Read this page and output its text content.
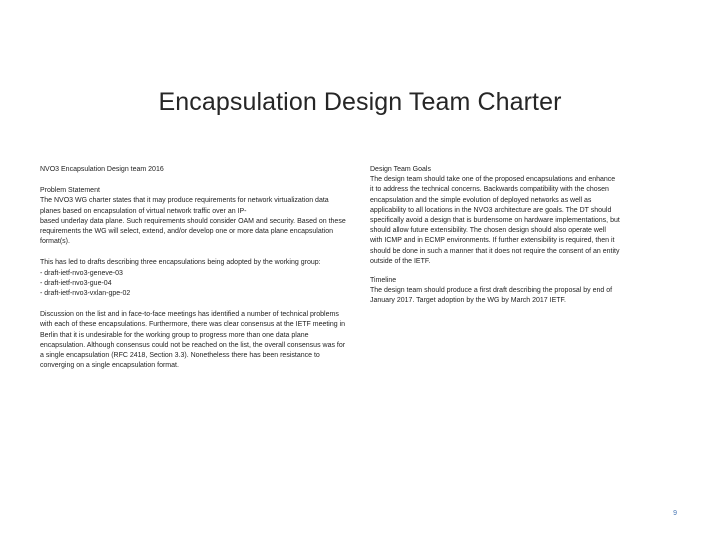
Encapsulation Design Team Charter

NVO3 Encapsulation Design team 2016

Problem Statement
The NVO3 WG charter states that it may produce requirements for network virtualization data planes based on encapsulation of virtual network traffic over an IP-
based underlay data plane. Such requirements should consider OAM and security. Based on these requirements the WG will select, extend, and/or develop one or more data plane encapsulation format(s).

This has led to drafts describing three encapsulations being adopted by the working group:

- draft-ietf-nvo3-geneve-03

- draft-ietf-nvo3-gue-04

- draft-ietf-nvo3-vxlan-gpe-02

Discussion on the list and in face-to-face meetings has identified a number of technical problems with each of these encapsulations. Furthermore, there was clear consensus at the IETF meeting in Berlin that it is undesirable for the working group to progress more than one data plane encapsulation. Although consensus could not be reached on the list, the overall consensus was for a single encapsulation (RFC 2418, Section 3.3). Nonetheless there has been resistance to converging on a single encapsulation format.

Design Team Goals
The design team should take one of the proposed encapsulations and enhance it to address the technical concerns. Backwards compatibility with the chosen encapsulation and the simple evolution of deployed networks as well as applicability to all locations in the NVO3 architecture are goals. The DT should specifically avoid a design that is burdensome on hardware implementations, but should allow future extensibility. The chosen design should also operate well with ICMP and in ECMP environments. If further extensibility is required, then it should be done in such a manner that it does not require the consent of an entity outside of the IETF.

Timeline
The design team should produce a first draft describing the proposal by end of January 2017. Target adoption by the WG by March 2017 IETF.

9
